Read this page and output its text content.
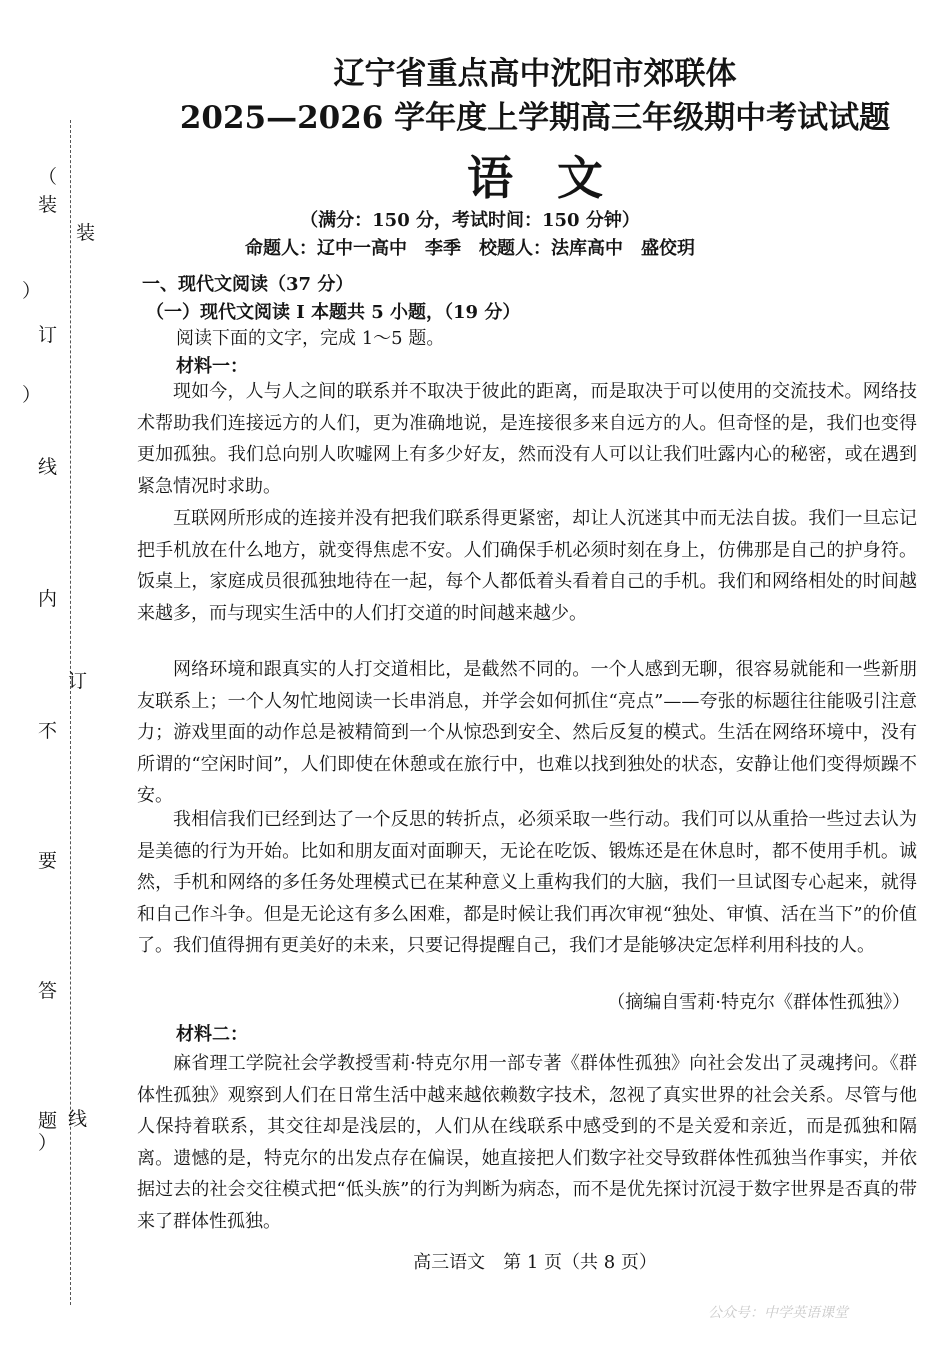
（
装
）
订
）
线
内
不
要
答
题
）
装
订
线
辽宁省重点高中沈阳市郊联体
2025—2026 学年度上学期高三年级期中考试试题
语文
（满分：150 分，考试时间：150 分钟）
命题人：辽中一高中　李季　校题人：法库高中　盛佼玥
一、现代文阅读（37 分）
（一）现代文阅读 I 本题共 5 小题，（19 分）
阅读下面的文字，完成 1～5 题。
材料一：

现如今，人与人之间的联系并不取决于彼此的距离，而是取决于可以使用的交流技术。网络技术帮助我们连接远方的人们，更为准确地说，是连接很多来自远方的人。但奇怪的是，我们也变得更加孤独。我们总向别人吹嘘网上有多少好友，然而没有人可以让我们吐露内心的秘密，或在遇到紧急情况时求助。

互联网所形成的连接并没有把我们联系得更紧密，却让人沉迷其中而无法自拔。我们一旦忘记把手机放在什么地方，就变得焦虑不安。人们确保手机必须时刻在身上，仿佛那是自己的护身符。饭桌上，家庭成员很孤独地待在一起，每个人都低着头看着自己的手机。我们和网络相处的时间越来越多，而与现实生活中的人们打交道的时间越来越少。

网络环境和跟真实的人打交道相比，是截然不同的。一个人感到无聊，很容易就能和一些新朋友联系上；一个人匆忙地阅读一长串消息，并学会如何抓住“亮点”——夸张的标题往往能吸引注意力；游戏里面的动作总是被精简到一个从惊恐到安全、然后反复的模式。生活在网络环境中，没有所谓的“空闲时间”，人们即使在休憩或在旅行中，也难以找到独处的状态，安静让他们变得烦躁不安。

我相信我们已经到达了一个反思的转折点，必须采取一些行动。我们可以从重拾一些过去认为是美德的行为开始。比如和朋友面对面聊天，无论在吃饭、锻炼还是在休息时，都不使用手机。诚然，手机和网络的多任务处理模式已在某种意义上重构我们的大脑，我们一旦试图专心起来，就得和自己作斗争。但是无论这有多么困难，都是时候让我们再次审视“独处、审慎、活在当下”的价值了。我们值得拥有更美好的未来，只要记得提醒自己，我们才是能够决定怎样利用科技的人。

（摘编自雪莉·特克尔《群体性孤独》）
材料二：

麻省理工学院社会学教授雪莉·特克尔用一部专著《群体性孤独》向社会发出了灵魂拷问。《群体性孤独》观察到人们在日常生活中越来越依赖数字技术，忽视了真实世界的社会关系。尽管与他人保持着联系，其交往却是浅层的，人们从在线联系中感受到的不是关爱和亲近，而是孤独和隔离。遗憾的是，特克尔的出发点存在偏误，她直接把人们数字社交导致群体性孤独当作事实，并依据过去的社会交往模式把“低头族”的行为判断为病态，而不是优先探讨沉浸于数字世界是否真的带来了群体性孤独。

高三语文　第 1 页（共 8 页）
公众号：中学英语课堂
